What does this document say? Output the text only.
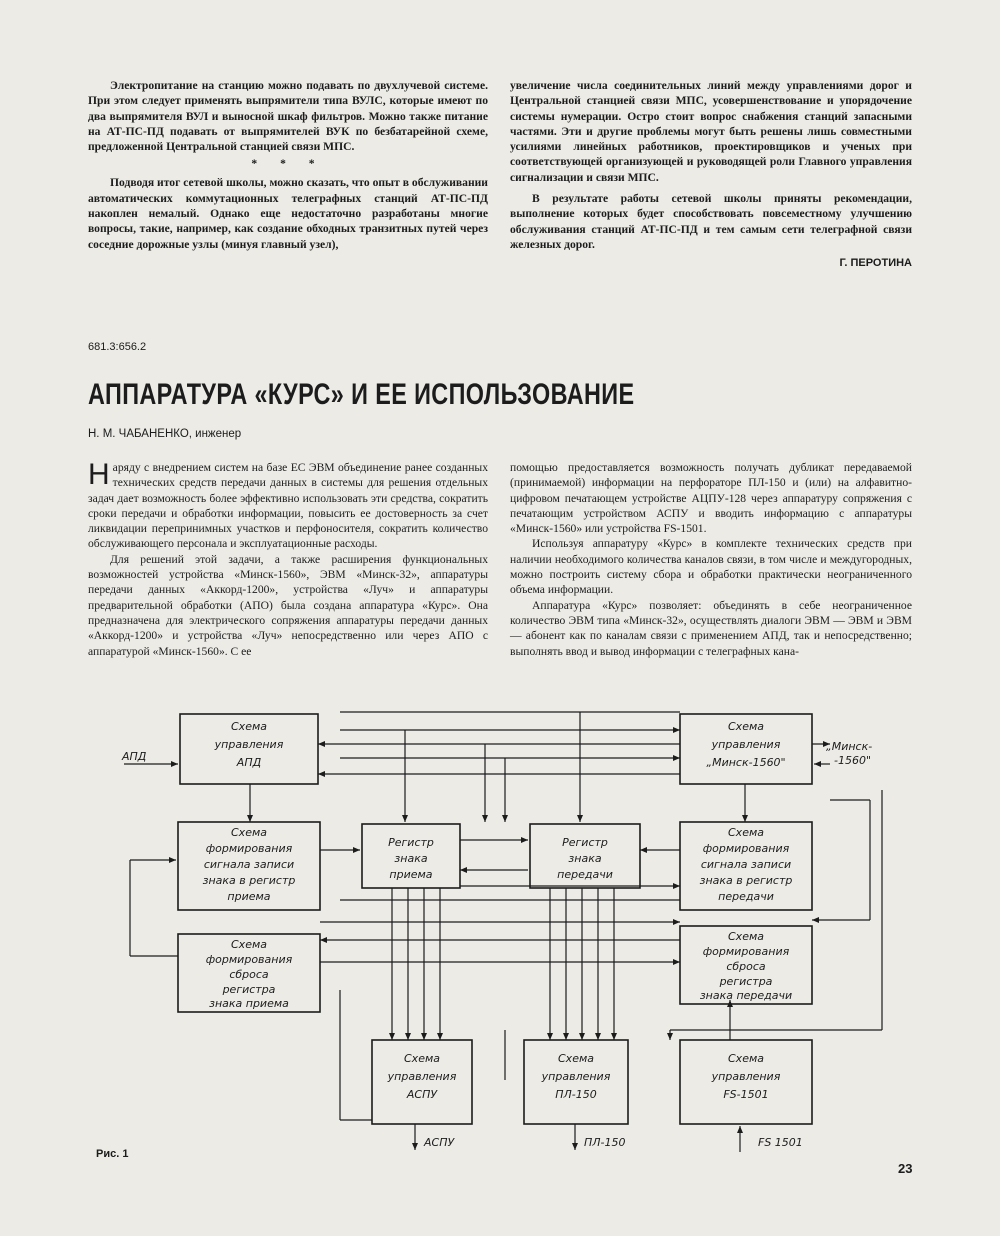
Электропитание на станцию можно подавать по двухлучевой системе. При этом следует применять выпрямители типа ВУЛС, которые имеют по два выпрямителя ВУЛ и выносной шкаф фильтров. Можно также питание на АТ-ПС-ПД подавать от выпрямителей ВУК по безбатарейной схеме, предложенной Центральной станцией связи МПС.

* * *

Подводя итог сетевой школы, можно сказать, что опыт в обслуживании автоматических коммутационных телеграфных станций АТ-ПС-ПД накоплен немалый. Однако еще недостаточно разработаны многие вопросы, такие, например, как создание обходных транзитных путей через соседние дорожные узлы (минуя главный узел),

увеличение числа соединительных линий между управлениями дорог и Центральной станцией связи МПС, усовершенствование и упорядочение системы нумерации. Остро стоит вопрос снабжения станций запасными частями. Эти и другие проблемы могут быть решены лишь совместными усилиями линейных работников, проектировщиков и ученых при соответствующей организующей и руководящей роли Главного управления сигнализации и связи МПС.

В результате работы сетевой школы приняты рекомендации, выполнение которых будет способствовать повсеместному улучшению обслуживания станций АТ-ПС-ПД и тем самым сети телеграфной связи железных дорог.

Г. ПЕРОТИНА
681.3:656.2
АППАРАТУРА «КУРС» И ЕЕ ИСПОЛЬЗОВАНИЕ
Н. М. ЧАБАНЕНКО, инженер

Наряду с внедрением систем на базе ЕС ЭВМ объединение ранее созданных технических средств передачи данных в системы для решения отдельных задач дает возможность более эффективно использовать эти средства, сократить сроки передачи и обработки информации, повысить ее достоверность за счет ликвидации перепринимных участков и перфоносителя, сократить количество обслуживающего персонала и эксплуатационные расходы.

Для решений этой задачи, а также расширения функциональных возможностей устройства «Минск-1560», ЭВМ «Минск-32», аппаратуры передачи данных «Аккорд-1200», устройства «Луч» и аппаратуры предварительной обработки (АПО) была создана аппаратура «Курс». Она предназначена для электрического сопряжения аппаратуры передачи данных «Аккорд-1200» и устройства «Луч» непосредственно или через АПО с аппаратурой «Минск-1560». С ее

помощью предоставляется возможность получать дубликат передаваемой (принимаемой) информации на перфораторе ПЛ-150 и (или) на алфавитно-цифровом печатающем устройстве АЦПУ-128 через аппаратуру сопряжения с печатающим устройством АСПУ и вводить информацию с аппаратуры «Минск-1560» или устройства FS-1501.

Используя аппаратуру «Курс» в комплекте технических средств при наличии необходимого количества каналов связи, в том числе и междугородных, можно построить систему сбора и обработки практически неограниченного объема информации.

Аппаратура «Курс» позволяет: объединять в себе неограниченное количество ЭВМ типа «Минск-32», осуществлять диалоги ЭВМ — ЭВМ и ЭВМ — абонент как по каналам связи с применением АПД, так и непосредственно; выполнять ввод и вывод информации с телеграфных кана-

Схема
управления
АПД
Схема
управления
„Минск-1560"
Схема
формирования
сигнала записи
знака в регистр
приема
Регистр
знака
приема
Регистр
знака
передачи
Схема
формирования
сигнала записи
знака в регистр
передачи
Схема
формирования
сброса
регистра
знака приема
Схема
формирования
сброса
регистра
знака передачи
Схема
управления
АСПУ
Схема
управления
ПЛ-150
Схема
управления
FS-1501
АПД
„Минск-
-1560"
АСПУ	ПЛ-150	FS 1501
Рис. 1
23
